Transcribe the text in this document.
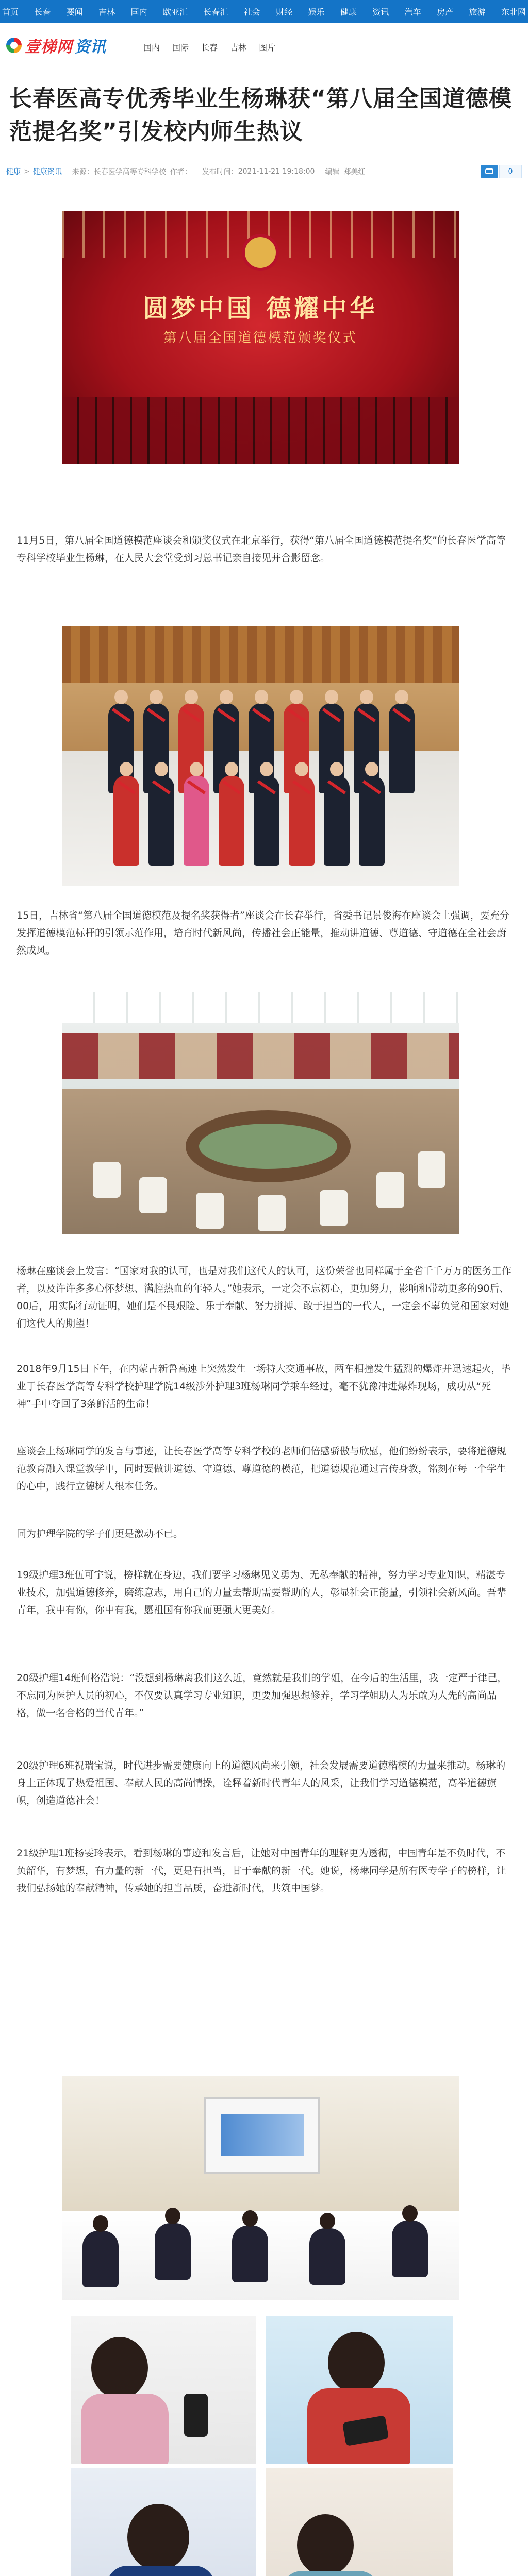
首页 长春 要闻 吉林 国内 欧亚汇 长春汇 社会 财经 娱乐 健康 资讯 汽车 房产 旅游 东北网
壹梯网 资讯	国内 国际 长春 吉林 图片
长春医高专优秀毕业生杨琳获“第八届全国道德模范提名奖”引发校内师生热议
健康 > 健康资讯 来源： 长春医学高等专科学校 作者： 发布时间： 2021-11-21 19:18:00 编辑 郑美红	0
圆梦中国 德耀中华
第八届全国道德模范颁奖仪式

11月5日，第八届全国道德模范座谈会和颁奖仪式在北京举行，获得“第八届全国道德模范提名奖”的长春医学高等专科学校毕业生杨琳，在人民大会堂受到习总书记亲自接见并合影留念。

15日，吉林省“第八届全国道德模范及提名奖获得者”座谈会在长春举行，省委书记景俊海在座谈会上强调，要充分发挥道德模范标杆的引领示范作用，培育时代新风尚，传播社会正能量，推动讲道德、尊道德、守道德在全社会蔚然成风。

杨琳在座谈会上发言：“国家对我的认可，也是对我们这代人的认可，这份荣誉也同样属于全省千千万万的医务工作者，以及许许多多心怀梦想、满腔热血的年轻人。”她表示，一定会不忘初心，更加努力，影响和带动更多的90后、00后，用实际行动证明，她们是不畏艰险、乐于奉献、努力拼搏、敢于担当的一代人，一定会不辜负党和国家对她们这代人的期望！

2018年9月15日下午，在内蒙古新鲁高速上突然发生一场特大交通事故，两车相撞发生猛烈的爆炸并迅速起火，毕业于长春医学高等专科学校护理学院14级涉外护理3班杨琳同学乘车经过，毫不犹豫冲进爆炸现场，成功从“死神”手中夺回了3条鲜活的生命！

座谈会上杨琳同学的发言与事迹，让长春医学高等专科学校的老师们倍感骄傲与欣慰，他们纷纷表示，要将道德规范教育融入课堂教学中，同时要做讲道德、守道德、尊道德的模范，把道德规范通过言传身教，铭刻在每一个学生的心中，践行立德树人根本任务。

同为护理学院的学子们更是激动不已。

19级护理3班伍可宇说，榜样就在身边，我们要学习杨琳见义勇为、无私奉献的精神，努力学习专业知识，精湛专业技术，加强道德修养，磨练意志，用自己的力量去帮助需要帮助的人，彰显社会正能量，引领社会新风尚。吾辈青年，我中有你，你中有我，愿祖国有你我而更强大更美好。

20级护理14班何格浩说：“没想到杨琳离我们这么近，竟然就是我们的学姐，在今后的生活里，我一定严于律己，不忘同为医护人员的初心，不仅要认真学习专业知识，更要加强思想修养，学习学姐助人为乐敢为人先的高尚品格，做一名合格的当代青年。”

20级护理6班祝瑞宝说，时代进步需要健康向上的道德风尚来引领，社会发展需要道德楷模的力量来推动。杨琳的身上正体现了热爱祖国、奉献人民的高尚情操，诠释着新时代青年人的风采，让我们学习道德模范，高举道德旗帜，创造道德社会！

21级护理1班杨雯玲表示，看到杨琳的事迹和发言后，让她对中国青年的理解更为透彻，中国青年是不负时代，不负韶华，有梦想，有力量的新一代，更是有担当，甘于奉献的新一代。她说，杨琳同学是所有医专学子的榜样，让我们弘扬她的奉献精神，传承她的担当品质，奋进新时代，共筑中国梦。
